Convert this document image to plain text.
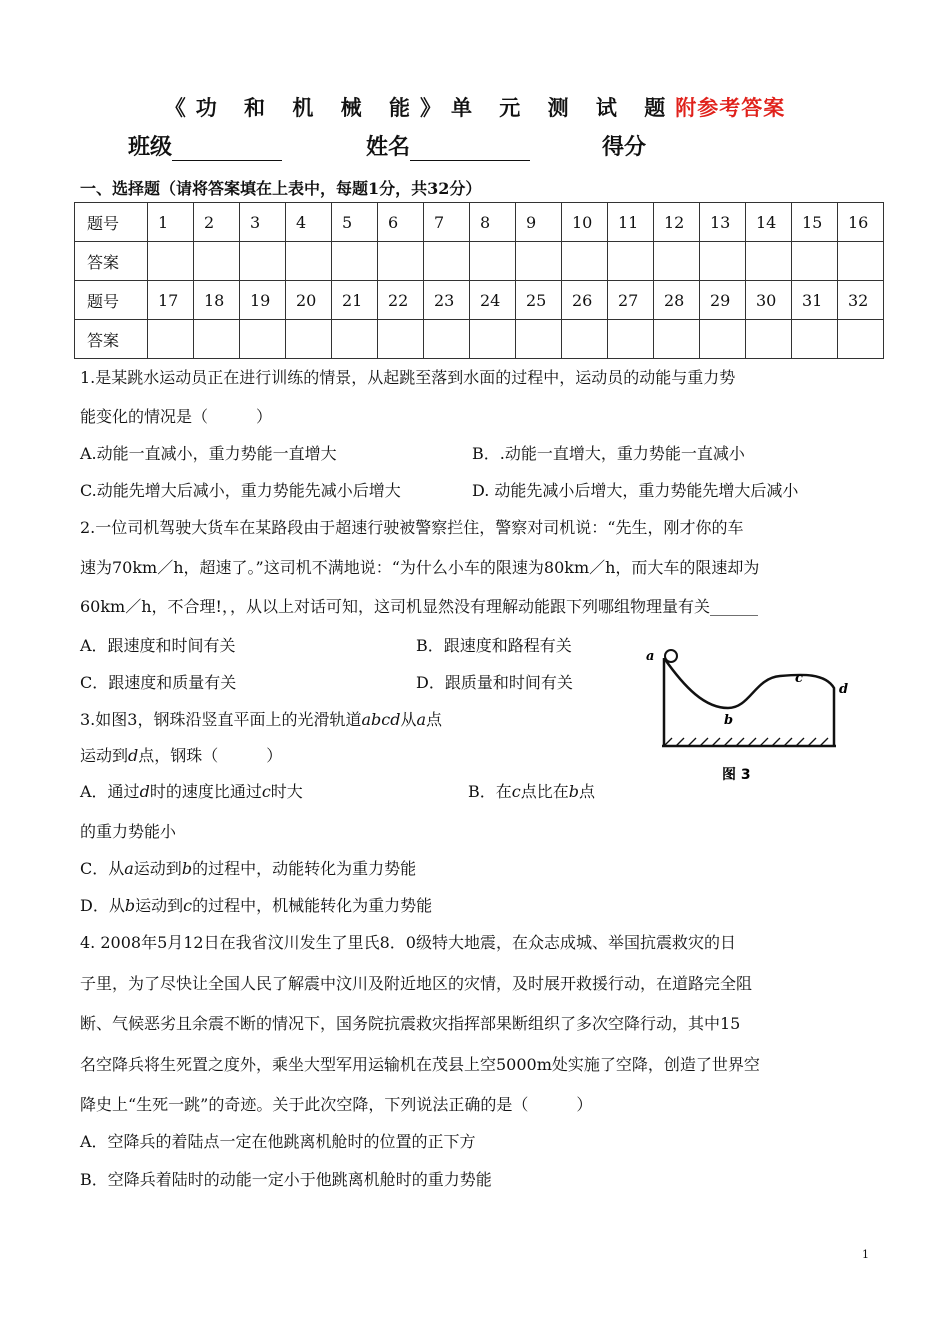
《功 和 机 械 能》单 元 测 试 题附参考答案
班级	姓名	得分
一、选择题（请将答案填在上表中，每题1分，共32分）
题号	1	2	3	4	5	6	7	8	9	10	11	12	13	14	15	16
答案																
题号	17	18	19	20	21	22	23	24	25	26	27	28	29	30	31	32
答案																
1.是某跳水运动员正在进行训练的情景，从起跳至落到水面的过程中，运动员的动能与重力势
能变化的情况是（　　　）
A.动能一直减小，重力势能一直增大	B．.动能一直增大，重力势能一直减小
C.动能先增大后减小，重力势能先减小后增大	D. 动能先减小后增大，重力势能先增大后减小
2.一位司机驾驶大货车在某路段由于超速行驶被警察拦住，警察对司机说：“先生，刚才你的车
速为70km／h，超速了。”这司机不满地说：“为什么小车的限速为80km／h，而大车的限速却为
60km／h，不合理!，，从以上对话可知，这司机显然没有理解动能跟下列哪组物理量有关______
A．跟速度和时间有关	B．跟速度和路程有关
C．跟速度和质量有关	D．跟质量和时间有关
3.如图3，钢珠沿竖直平面上的光滑轨道abcd从a点
运动到d点，钢珠（　　　）
A．通过d时的速度比通过c时大	B．在c点比在b点
的重力势能小
C．从a运动到b的过程中，动能转化为重力势能
D．从b运动到c的过程中，机械能转化为重力势能
a
b
c
d
图 3
4. 2008年5月12日在我省汶川发生了里氏8．0级特大地震，在众志成城、举国抗震救灾的日
子里，为了尽快让全国人民了解震中汶川及附近地区的灾情，及时展开救援行动，在道路完全阻
断、气候恶劣且余震不断的情况下，国务院抗震救灾指挥部果断组织了多次空降行动，其中15
名空降兵将生死置之度外，乘坐大型军用运输机在茂县上空5000m处实施了空降，创造了世界空
降史上“生死一跳”的奇迹。关于此次空降，下列说法正确的是（　　　）
A．空降兵的着陆点一定在他跳离机舱时的位置的正下方
B．空降兵着陆时的动能一定小于他跳离机舱时的重力势能
1
